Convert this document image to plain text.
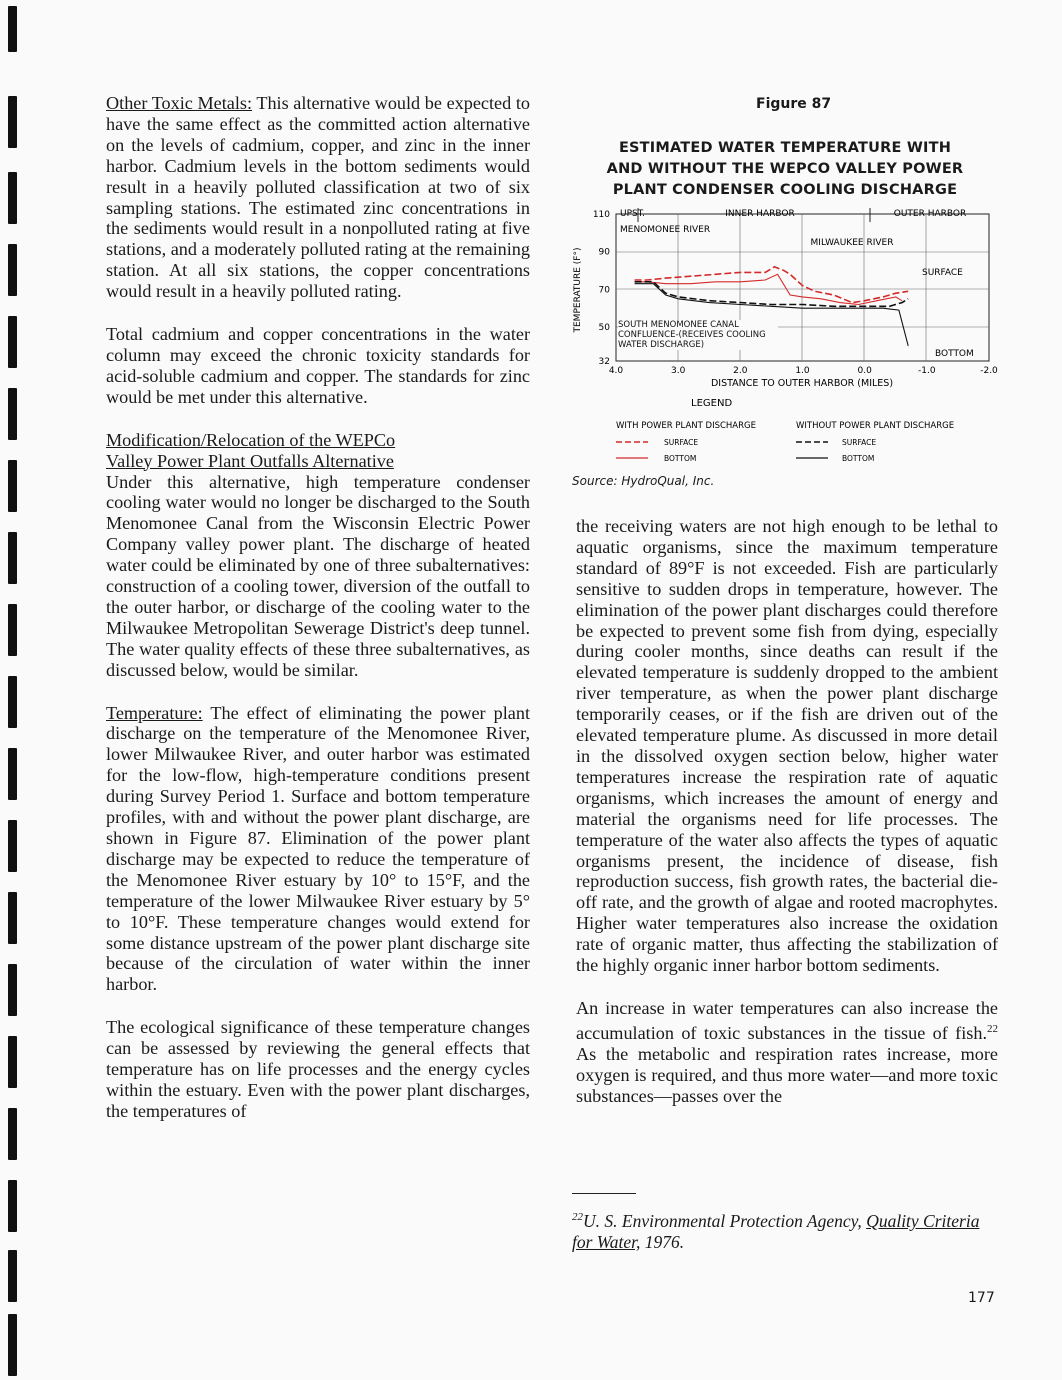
Other Toxic Metals: This alternative would be expected to have the same effect as the committed action alternative on the levels of cadmium, copper, and zinc in the inner harbor. Cadmium levels in the bottom sediments would result in a heavily polluted classification at two of six sampling stations. The estimated zinc concentrations in the sediments would result in a nonpolluted rating at five stations, and a moderately polluted rating at the remaining station. At all six stations, the copper concentrations would result in a heavily polluted rating.

Total cadmium and copper concentrations in the water column may exceed the chronic toxicity standards for acid-soluble cadmium and copper. The standards for zinc would be met under this alternative.

Modification/Relocation of the WEPCo
Valley Power Plant Outfalls Alternative

Under this alternative, high temperature condenser cooling water would no longer be discharged to the South Menomonee Canal from the Wisconsin Electric Power Company valley power plant. The discharge of heated water could be eliminated by one of three subalternatives: construction of a cooling tower, diversion of the outfall to the outer harbor, or discharge of the cooling water to the Milwaukee Metropolitan Sewerage District's deep tunnel. The water quality effects of these three subalternatives, as discussed below, would be similar.

Temperature: The effect of eliminating the power plant discharge on the temperature of the Menomonee River, lower Milwaukee River, and outer harbor was estimated for the low-flow, high-temperature conditions present during Survey Period 1. Surface and bottom temperature profiles, with and without the power plant discharge, are shown in Figure 87. Elimination of the power plant discharge may be expected to reduce the temperature of the Menomonee River estuary by 10° to 15°F, and the temperature of the lower Milwaukee River estuary by 5° to 10°F. These temperature changes would extend for some distance upstream of the power plant discharge site because of the circulation of water within the inner harbor.

The ecological significance of these temperature changes can be assessed by reviewing the general effects that temperature has on life processes and the energy cycles within the estuary. Even with the power plant discharges, the temperatures of

Figure 87
ESTIMATED WATER TEMPERATURE WITH AND WITHOUT THE WEPCO VALLEY POWER PLANT CONDENSER COOLING DISCHARGE
UPST.	INNER HARBOR	OUTER HARBOR
MENOMONEE RIVER
MILWAUKEE RIVER
SURFACE
BOTTOM
SOUTH MENOMONEE CANAL CONFLUENCE-(RECEIVES COOLING WATER DISCHARGE)
TEMPERATURE (F°)
DISTANCE TO OUTER HARBOR (MILES)
LEGEND
WITH POWER PLANT DISCHARGE	WITHOUT POWER PLANT DISCHARGE
SURFACE
BOTTOM
SURFACE
BOTTOM
4.0	3.0	2.0	1.0	0.0	-1.0	-2.0
32
50
70
90
110
Source: HydroQual, Inc.

the receiving waters are not high enough to be lethal to aquatic organisms, since the maximum temperature standard of 89°F is not exceeded. Fish are particularly sensitive to sudden drops in temperature, however. The elimination of the power plant discharges could therefore be expected to prevent some fish from dying, especially during cooler months, since deaths can result if the elevated temperature is suddenly dropped to the ambient river temperature, as when the power plant discharge temporarily ceases, or if the fish are driven out of the elevated temperature plume. As discussed in more detail in the dissolved oxygen section below, higher water temperatures increase the respiration rate of aquatic organisms, which increases the amount of energy and material the organisms need for life processes. The temperature of the water also affects the types of aquatic organisms present, the incidence of disease, fish reproduction success, fish growth rates, the bacterial die-off rate, and the growth of algae and rooted macrophytes. Higher water temperatures also increase the oxidation rate of organic matter, thus affecting the stabilization of the highly organic inner harbor bottom sediments.

An increase in water temperatures can also increase the accumulation of toxic substances in the tissue of fish.$^{22}$ As the metabolic and respiration rates increase, more oxygen is required, and thus more water—and more toxic substances—passes over the

$^{22}$U. S. Environmental Protection Agency, Quality Criteria for Water, 1976.
177
